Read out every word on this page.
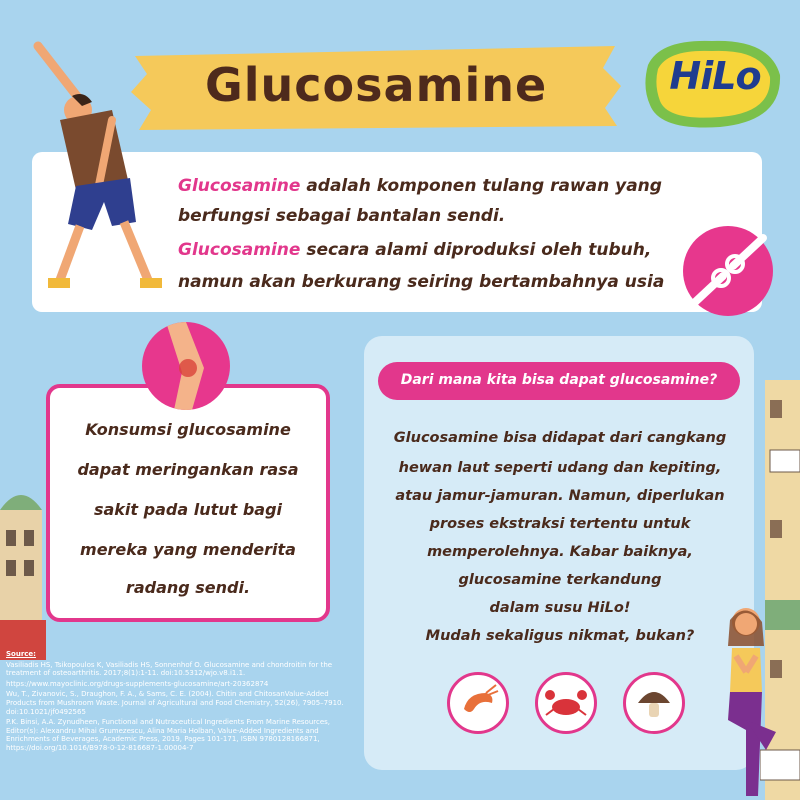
Glucosamine	HiLo
Glucosamine adalah komponen tulang rawan yang
berfungsi sebagai bantalan sendi.
Glucosamine secara alami diproduksi oleh tubuh,
namun akan berkurang seiring bertambahnya usia
Konsumsi glucosamine
dapat meringankan rasa
sakit pada lutut bagi
mereka yang menderita
radang sendi.
Dari mana kita bisa dapat glucosamine?
Glucosamine bisa didapat dari cangkang
hewan laut seperti udang dan kepiting,
atau jamur-jamuran. Namun, diperlukan
proses ekstraksi tertentu untuk
memperolehnya. Kabar baiknya,
glucosamine terkandung
dalam susu HiLo!
Mudah sekaligus nikmat, bukan?

Source:

Vasiliadis HS, Tsikopoulos K, Vasiliadis HS, Sonnenhof O. Glucosamine and chondroitin for the treatment of osteoarthritis. 2017;8(1):1-11. doi:10.5312/wjo.v8.i1.1.

https://www.mayoclinic.org/drugs-supplements-glucosamine/art-20362874

Wu, T., Zivanovic, S., Draughon, F. A., & Sams, C. E. (2004). Chitin and ChitosanValue-Added Products from Mushroom Waste. Journal of Agricultural and Food Chemistry, 52(26), 7905–7910. doi:10.1021/jf0492565

P.K. Binsi, A.A. Zynudheen, Functional and Nutraceutical Ingredients From Marine Resources, Editor(s): Alexandru Mihai Grumezescu, Alina Maria Holban, Value-Added Ingredients and Enrichments of Beverages, Academic Press, 2019, Pages 101-171, ISBN 9780128166871, https://doi.org/10.1016/B978-0-12-816687-1.00004-7
